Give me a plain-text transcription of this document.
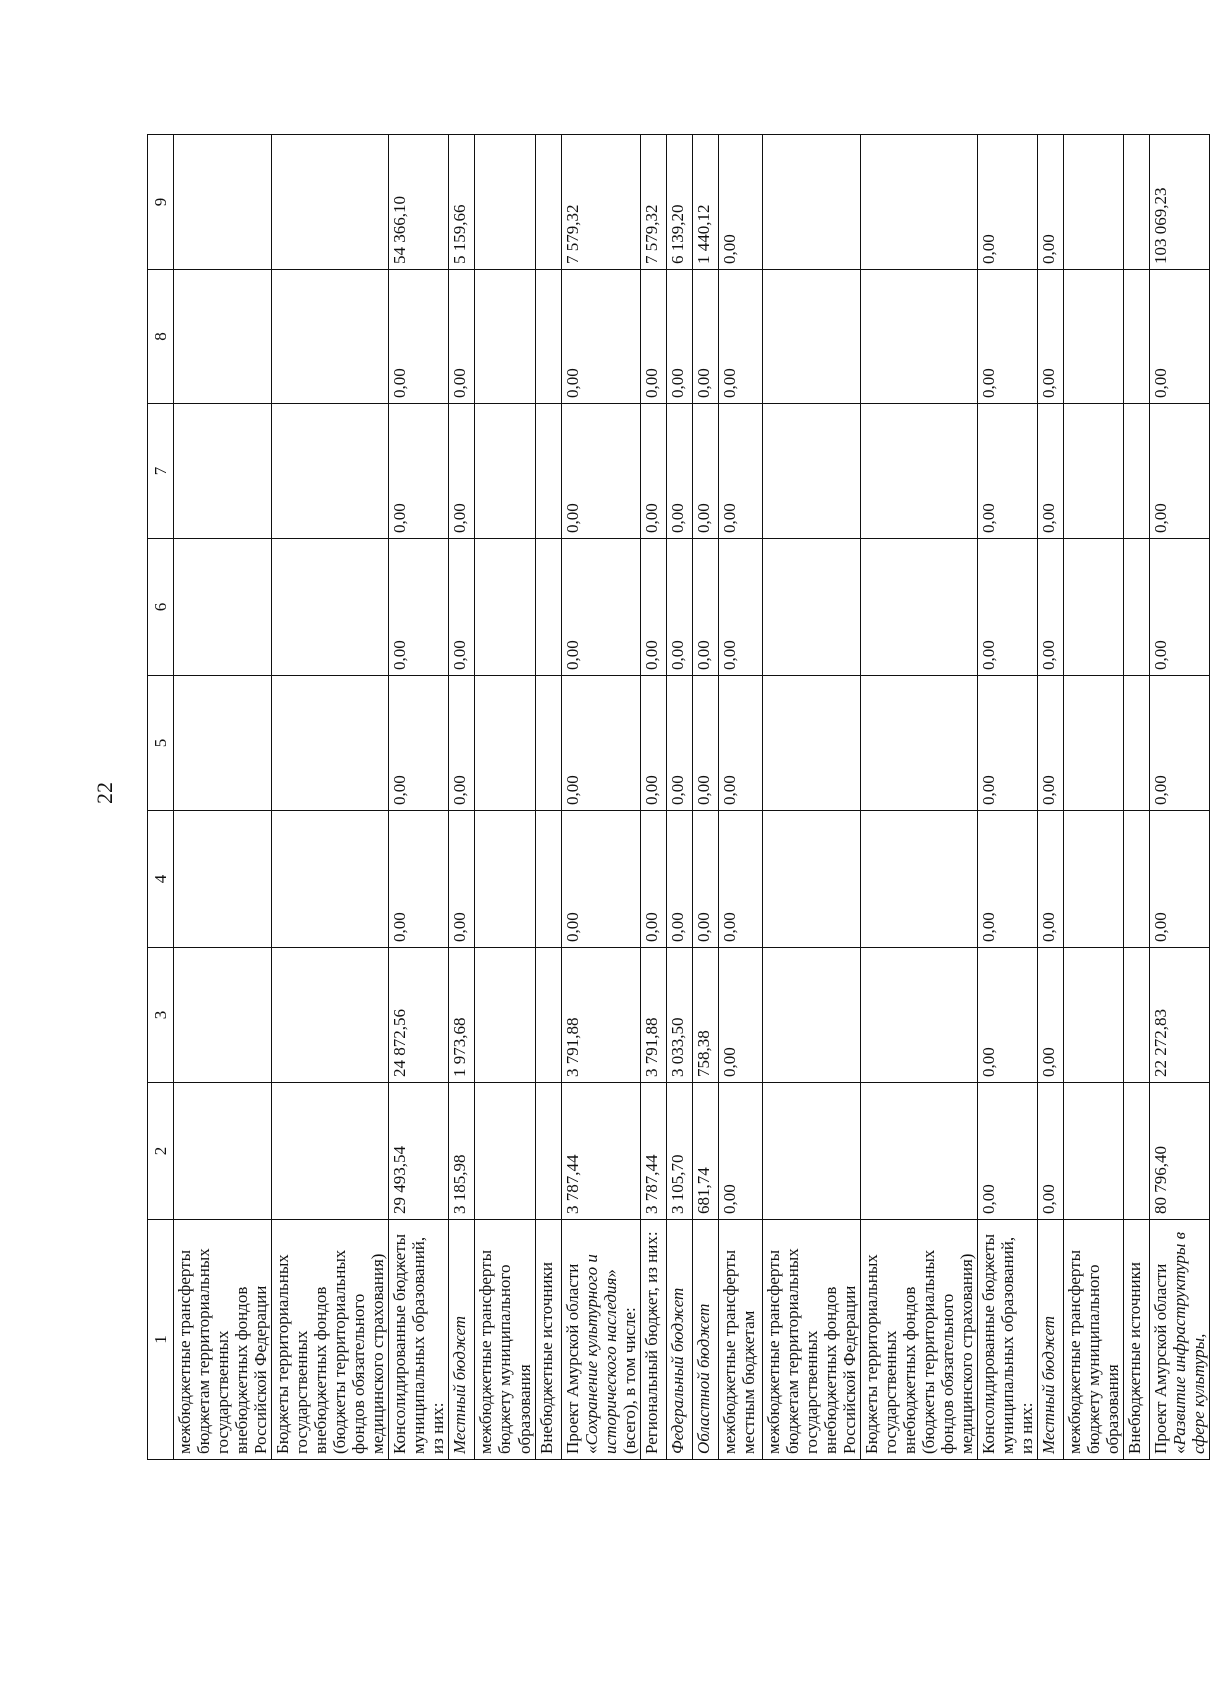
22
1	2	3	4	5	6	7	8	9
межбюджетные трансферты бюджетам территориальных государственных внебюджетных фондов Российской Федерации								
Бюджеты территориальных государственных внебюджетных фондов (бюджеты территориальных фондов обязательного медицинского страхования)								
Консолидированные бюджеты муниципальных образований, из них:	29 493,54	24 872,56	0,00	0,00	0,00	0,00	0,00	54 366,10
Местный бюджет	3 185,98	1 973,68	0,00	0,00	0,00	0,00	0,00	5 159,66
межбюджетные трансферты бюджету муниципального образования								
Внебюджетные источники								
Проект Амурской области «Сохранение культурного и исторического наследия» (всего), в том числе:	3 787,44	3 791,88	0,00	0,00	0,00	0,00	0,00	7 579,32
Региональный бюджет, из них:	3 787,44	3 791,88	0,00	0,00	0,00	0,00	0,00	7 579,32
Федеральный бюджет	3 105,70	3 033,50	0,00	0,00	0,00	0,00	0,00	6 139,20
Областной бюджет	681,74	758,38	0,00	0,00	0,00	0,00	0,00	1 440,12
межбюджетные трансферты местным бюджетам	0,00	0,00	0,00	0,00	0,00	0,00	0,00	0,00
межбюджетные трансферты бюджетам территориальных государственных внебюджетных фондов Российской Федерации								
Бюджеты территориальных государственных внебюджетных фондов (бюджеты территориальных фондов обязательного медицинского страхования)								
Консолидированные бюджеты муниципальных образований, из них:	0,00	0,00	0,00	0,00	0,00	0,00	0,00	0,00
Местный бюджет	0,00	0,00	0,00	0,00	0,00	0,00	0,00	0,00
межбюджетные трансферты бюджету муниципального образования								
Внебюджетные источники								
Проект Амурской области «Развитие инфраструктуры в сфере культуры,	80 796,40	22 272,83	0,00	0,00	0,00	0,00	0,00	103 069,23
